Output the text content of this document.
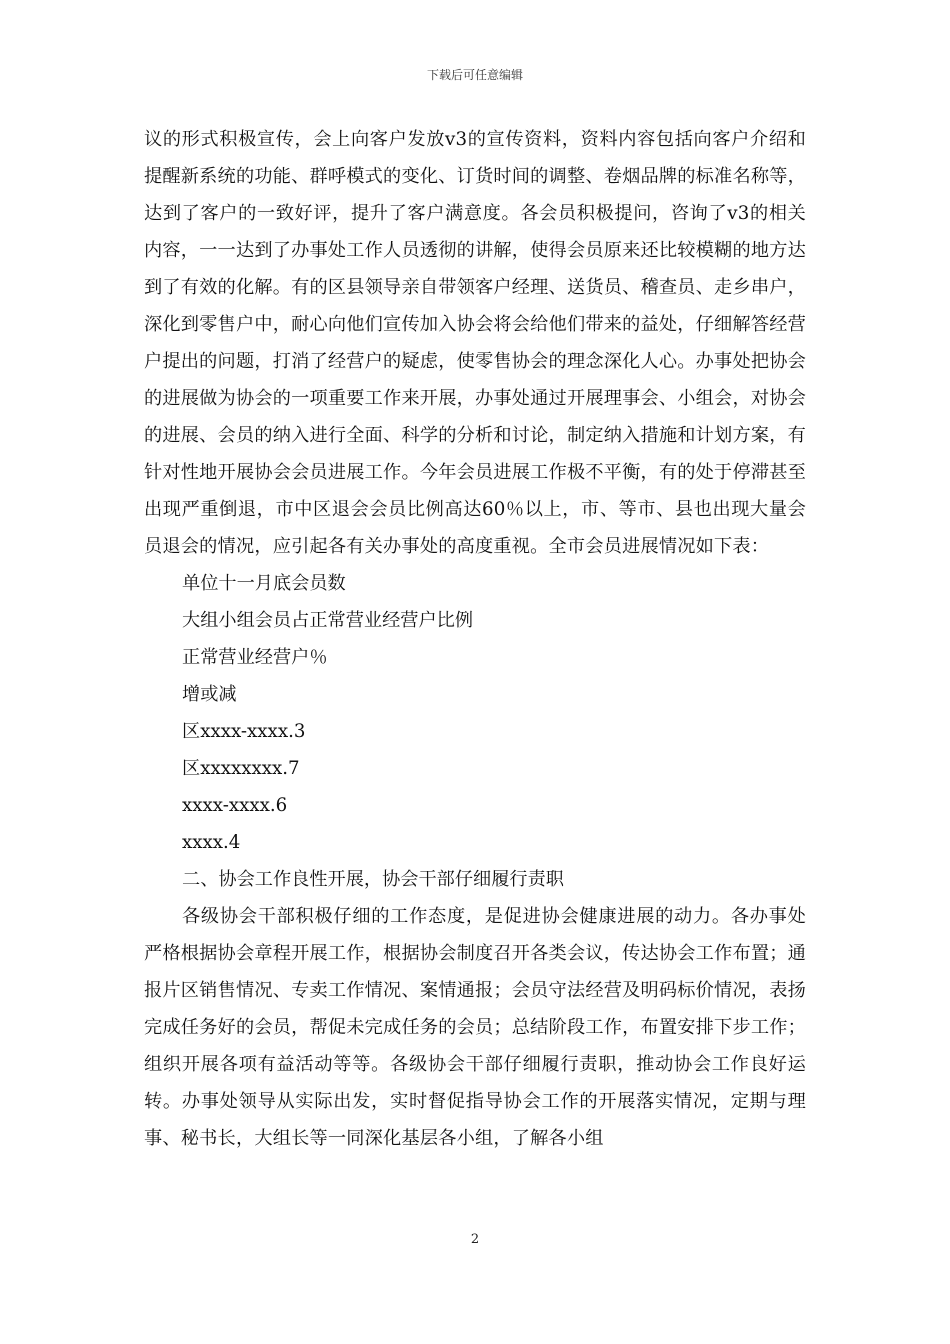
下载后可任意编辑

议的形式积极宣传，会上向客户发放v3的宣传资料，资料内容包括向客户介绍和提醒新系统的功能、群呼模式的变化、订货时间的调整、卷烟品牌的标准名称等，达到了客户的一致好评，提升了客户满意度。各会员积极提问，咨询了v3的相关内容，一一达到了办事处工作人员透彻的讲解，使得会员原来还比较模糊的地方达到了有效的化解。有的区县领导亲自带领客户经理、送货员、稽查员、走乡串户，深化到零售户中，耐心向他们宣传加入协会将会给他们带来的益处，仔细解答经营户提出的问题，打消了经营户的疑虑，使零售协会的理念深化人心。办事处把协会的进展做为协会的一项重要工作来开展，办事处通过开展理事会、小组会，对协会的进展、会员的纳入进行全面、科学的分析和讨论，制定纳入措施和计划方案，有针对性地开展协会会员进展工作。今年会员进展工作极不平衡，有的处于停滞甚至出现严重倒退，市中区退会会员比例高达60％以上，市、等市、县也出现大量会员退会的情况，应引起各有关办事处的高度重视。全市会员进展情况如下表：

单位十一月底会员数

大组小组会员占正常营业经营户比例

正常营业经营户％

增或减

区xxxx-xxxx.3

区xxxxxxxx.7

xxxx-xxxx.6

xxxx.4

二、协会工作良性开展，协会干部仔细履行责职

各级协会干部积极仔细的工作态度，是促进协会健康进展的动力。各办事处严格根据协会章程开展工作，根据协会制度召开各类会议，传达协会工作布置；通报片区销售情况、专卖工作情况、案情通报；会员守法经营及明码标价情况，表扬完成任务好的会员，帮促未完成任务的会员；总结阶段工作，布置安排下步工作；组织开展各项有益活动等等。各级协会干部仔细履行责职，推动协会工作良好运转。办事处领导从实际出发，实时督促指导协会工作的开展落实情况，定期与理事、秘书长，大组长等一同深化基层各小组，了解各小组

2
